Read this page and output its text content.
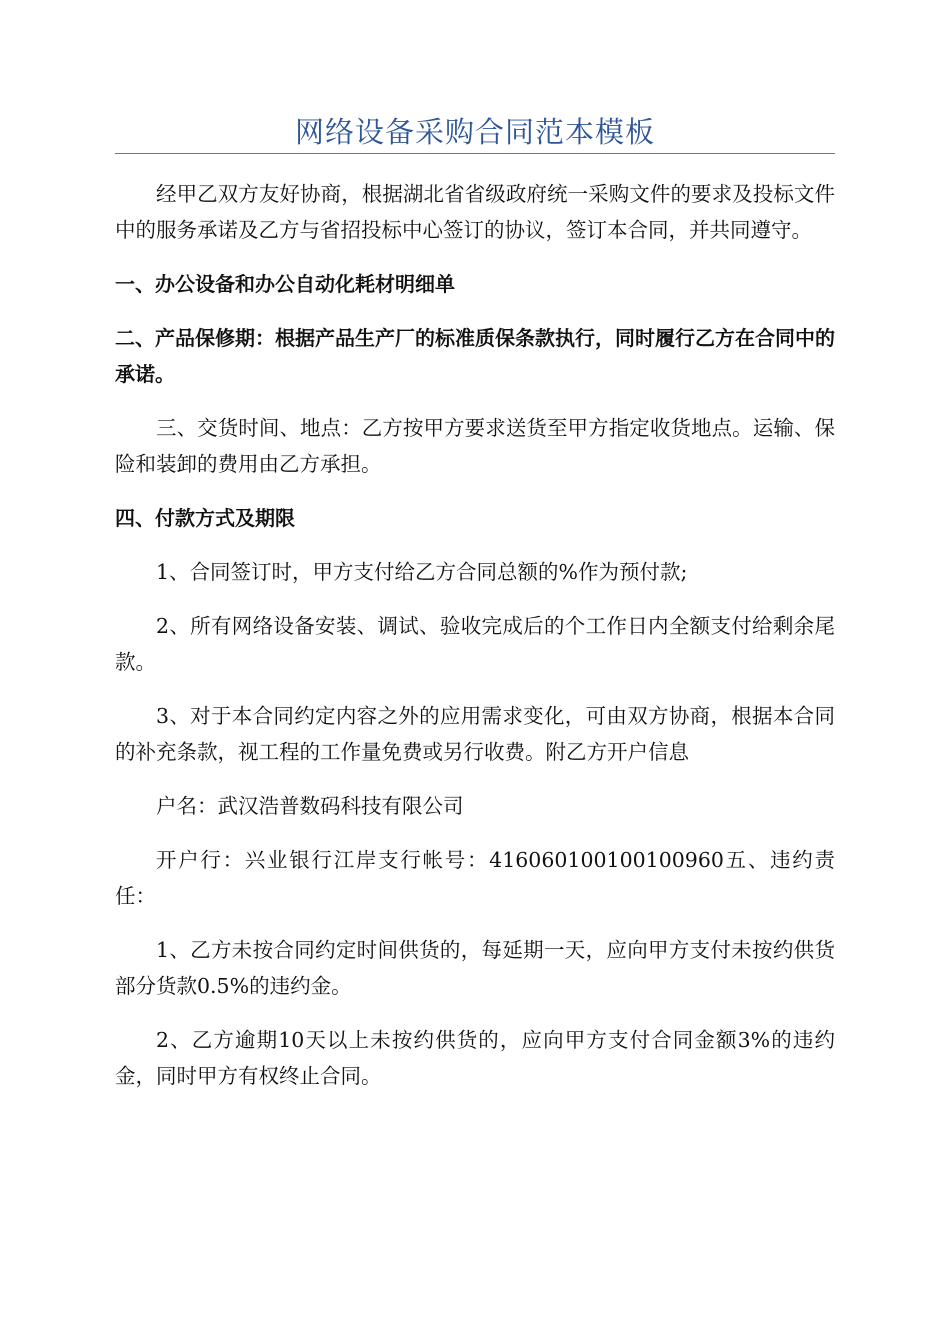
网络设备采购合同范本模板

经甲乙双方友好协商，根据湖北省省级政府统一采购文件的要求及投标文件中的服务承诺及乙方与省招投标中心签订的协议，签订本合同，并共同遵守。

一、办公设备和办公自动化耗材明细单

二、产品保修期：根据产品生产厂的标准质保条款执行，同时履行乙方在合同中的承诺。

三、交货时间、地点：乙方按甲方要求送货至甲方指定收货地点。运输、保险和装卸的费用由乙方承担。

四、付款方式及期限

1、合同签订时，甲方支付给乙方合同总额的%作为预付款;

2、所有网络设备安装、调试、验收完成后的个工作日内全额支付给剩余尾款。

3、对于本合同约定内容之外的应用需求变化，可由双方协商，根据本合同的补充条款，视工程的工作量免费或另行收费。附乙方开户信息

户名：武汉浩普数码科技有限公司

开户行：兴业银行江岸支行帐号：416060100100100960五、违约责任：

1、乙方未按合同约定时间供货的，每延期一天，应向甲方支付未按约供货部分货款0.5%的违约金。

2、乙方逾期10天以上未按约供货的，应向甲方支付合同金额3%的违约金，同时甲方有权终止合同。
